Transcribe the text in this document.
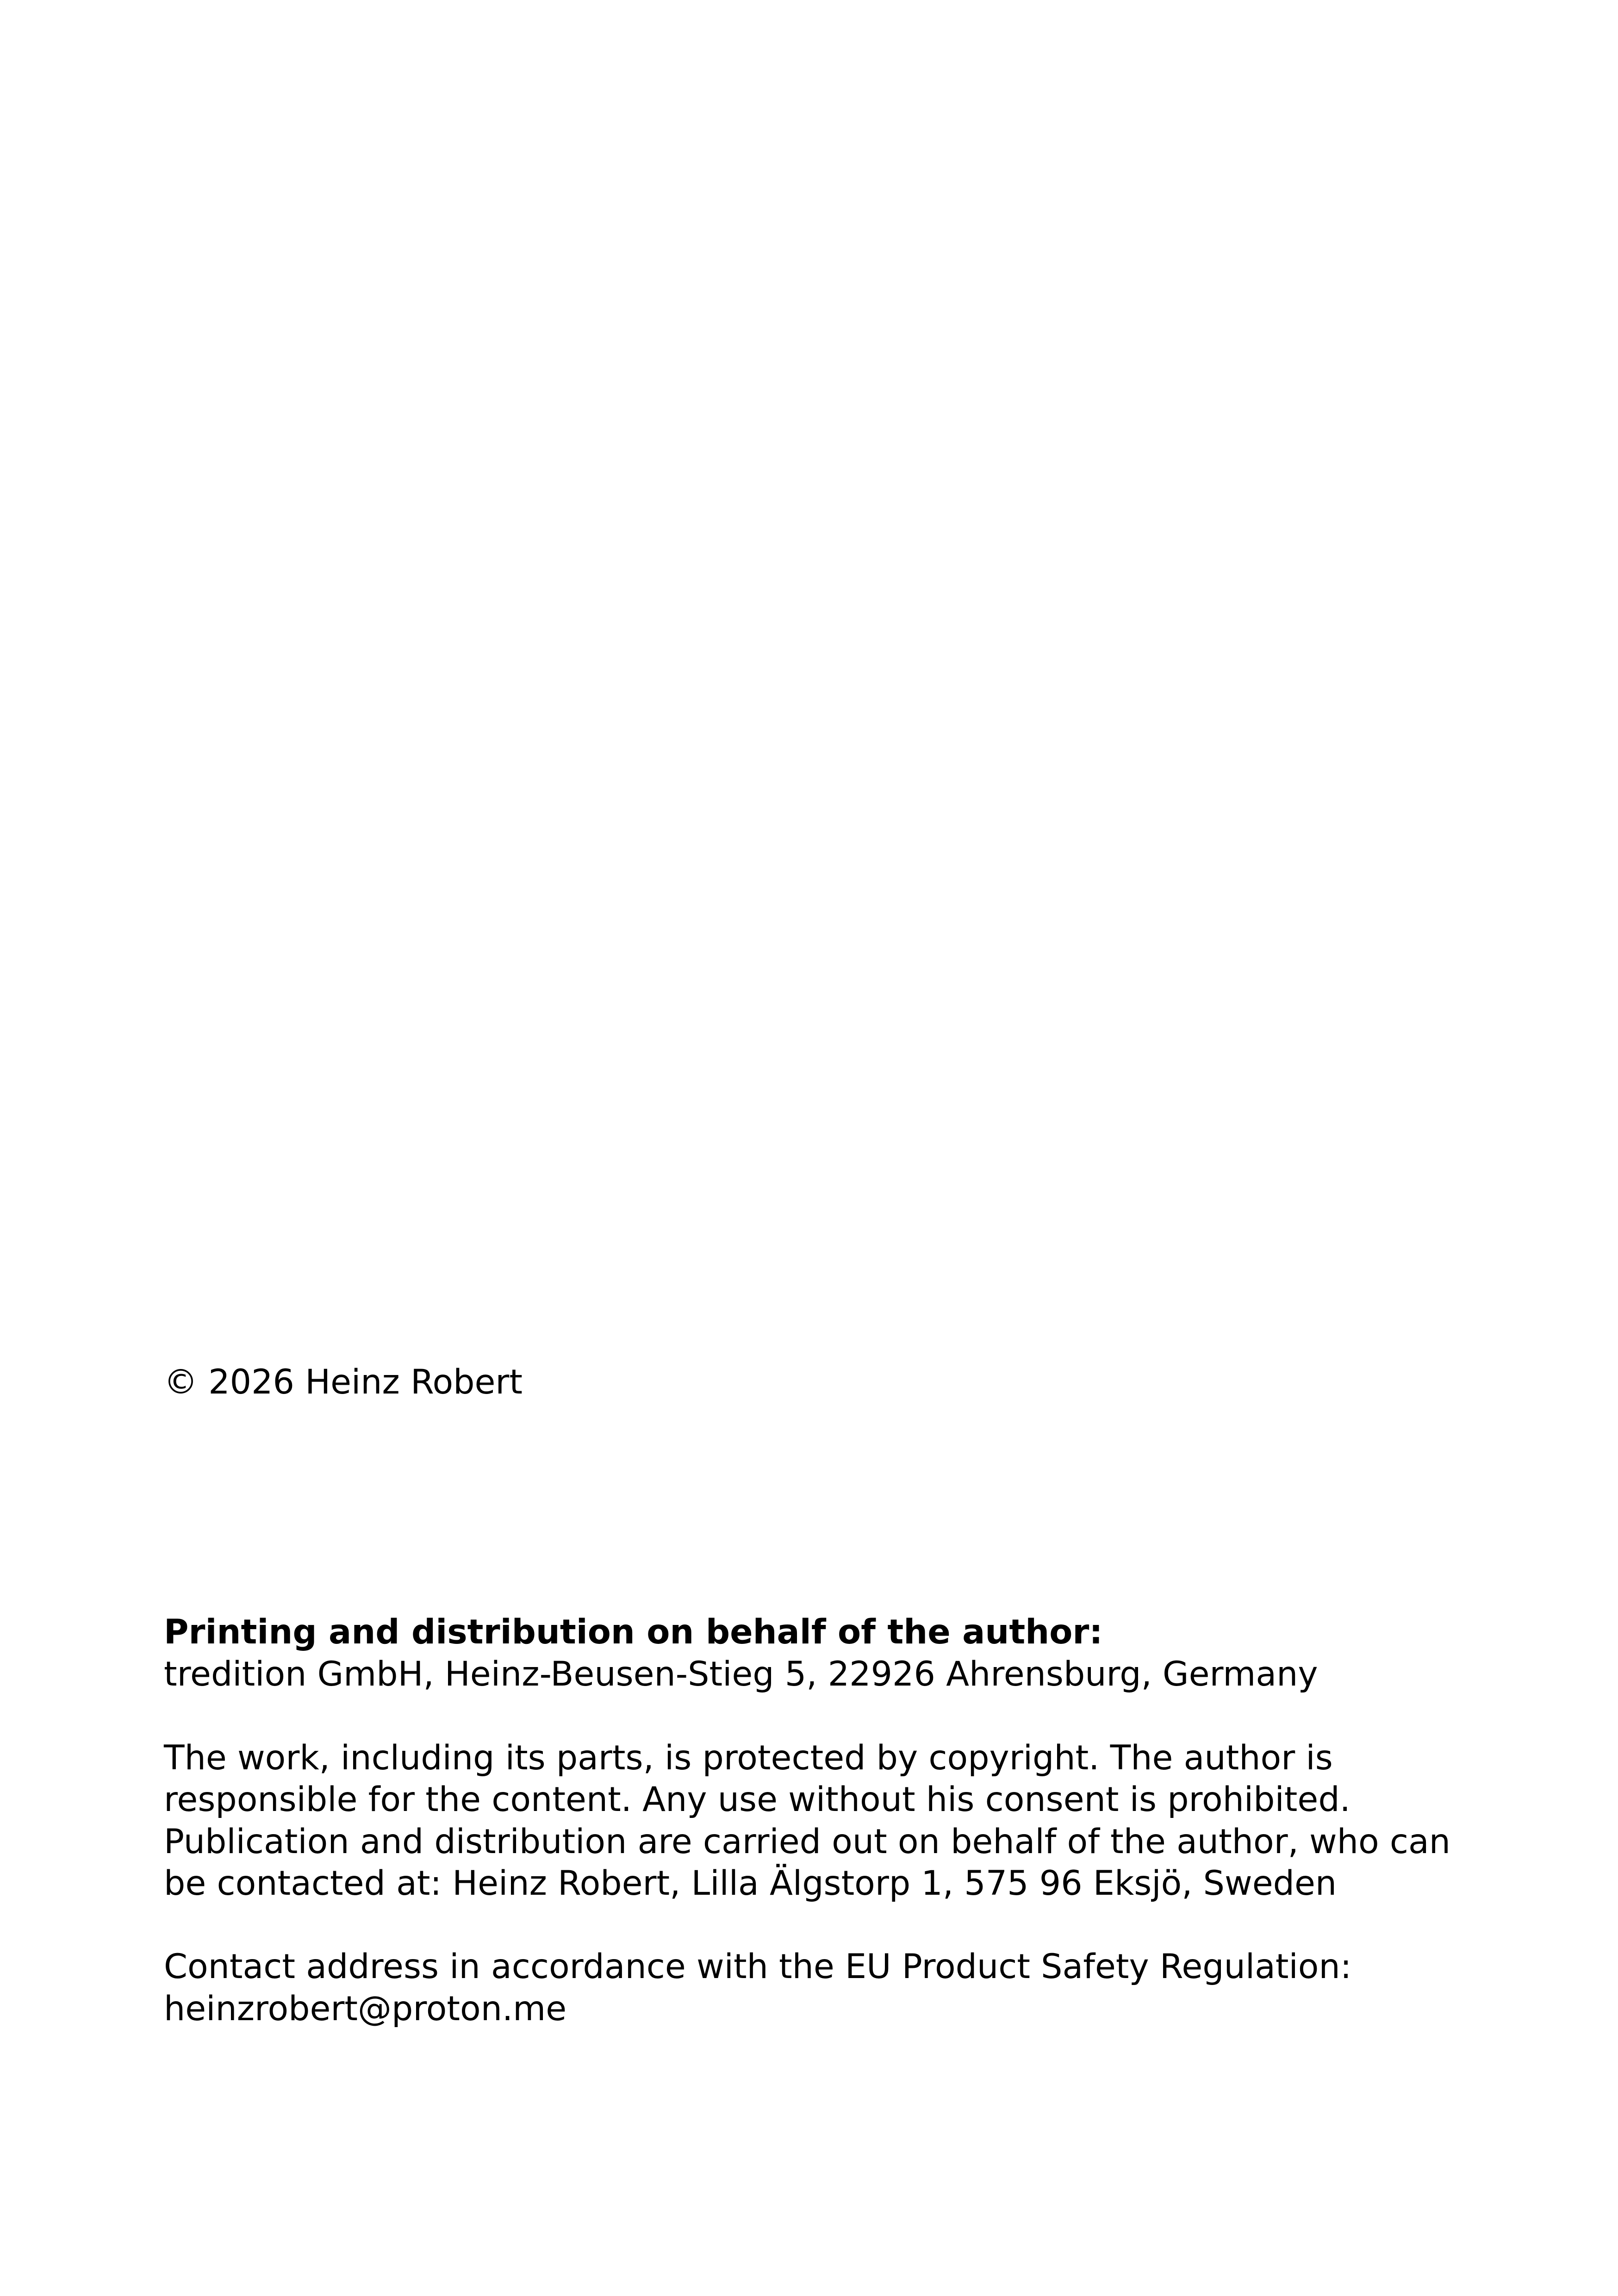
© 2026 Heinz Robert

Printing and distribution on behalf of the author:

tredition GmbH, Heinz-Beusen-Stieg 5, 22926 Ahrensburg, Germany

The work, including its parts, is protected by copyright. The author is

responsible for the content. Any use without his consent is prohibited.

Publication and distribution are carried out on behalf of the author, who can

be contacted at: Heinz Robert, Lilla Älgstorp 1, 575 96 Eksjö, Sweden

Contact address in accordance with the EU Product Safety Regulation:

heinzrobert@proton.me
